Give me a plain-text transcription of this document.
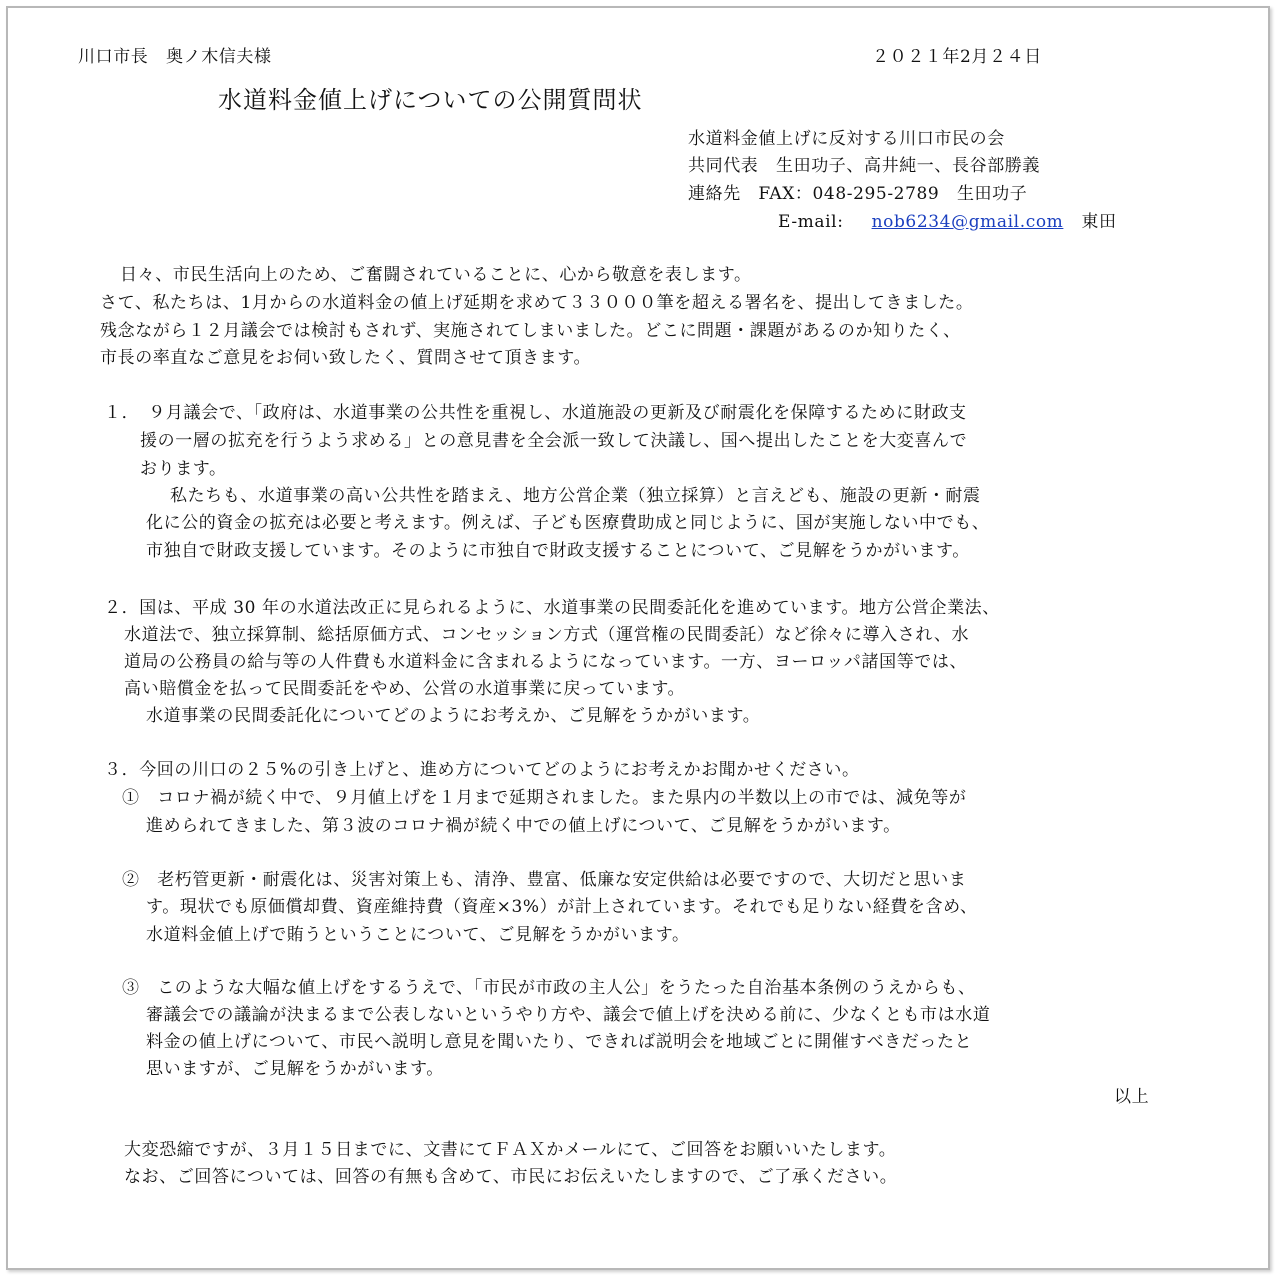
川口市長　奥ノ木信夫様	２０２１年2月２４日
水道料金値上げについての公開質問状
水道料金値上げに反対する川口市民の会
共同代表　生田功子、高井純一、長谷部勝義
連絡先　FAX：048-295-2789　生田功子
E-mail: nob6234@gmail.com 東田
日々、市民生活向上のため、ご奮闘されていることに、心から敬意を表します。
さて、私たちは、1月からの水道料金の値上げ延期を求めて３３０００筆を超える署名を、提出してきました。
残念ながら１２月議会では検討もされず、実施されてしまいました。どこに問題・課題があるのか知りたく、
市長の率直なご意見をお伺い致したく、質問させて頂きます。
１．　９月議会で、「政府は、水道事業の公共性を重視し、水道施設の更新及び耐震化を保障するために財政支
援の一層の拡充を行うよう求める」との意見書を全会派一致して決議し、国へ提出したことを大変喜んで
おります。
私たちも、水道事業の高い公共性を踏まえ、地方公営企業（独立採算）と言えども、施設の更新・耐震
化に公的資金の拡充は必要と考えます。例えば、子ども医療費助成と同じように、国が実施しない中でも、
市独自で財政支援しています。そのように市独自で財政支援することについて、ご見解をうかがいます。
２．国は、平成 30 年の水道法改正に見られるように、水道事業の民間委託化を進めています。地方公営企業法、
水道法で、独立採算制、総括原価方式、コンセッション方式（運営権の民間委託）など徐々に導入され、水
道局の公務員の給与等の人件費も水道料金に含まれるようになっています。一方、ヨーロッパ諸国等では、
高い賠償金を払って民間委託をやめ、公営の水道事業に戻っています。
水道事業の民間委託化についてどのようにお考えか、ご見解をうかがいます。
３．今回の川口の２５%の引き上げと、進め方についてどのようにお考えかお聞かせください。
①　コロナ禍が続く中で、９月値上げを１月まで延期されました。また県内の半数以上の市では、減免等が
進められてきました、第３波のコロナ禍が続く中での値上げについて、ご見解をうかがいます。
②　老朽管更新・耐震化は、災害対策上も、清浄、豊富、低廉な安定供給は必要ですので、大切だと思いま
す。現状でも原価償却費、資産維持費（資産×3%）が計上されています。それでも足りない経費を含め、
水道料金値上げで賄うということについて、ご見解をうかがいます。
③　このような大幅な値上げをするうえで、「市民が市政の主人公」をうたった自治基本条例のうえからも、
審議会での議論が決まるまで公表しないというやり方や、議会で値上げを決める前に、少なくとも市は水道
料金の値上げについて、市民へ説明し意見を聞いたり、できれば説明会を地域ごとに開催すべきだったと
思いますが、ご見解をうかがいます。
以上
大変恐縮ですが、３月１５日までに、文書にてＦＡＸかメールにて、ご回答をお願いいたします。
なお、ご回答については、回答の有無も含めて、市民にお伝えいたしますので、ご了承ください。
